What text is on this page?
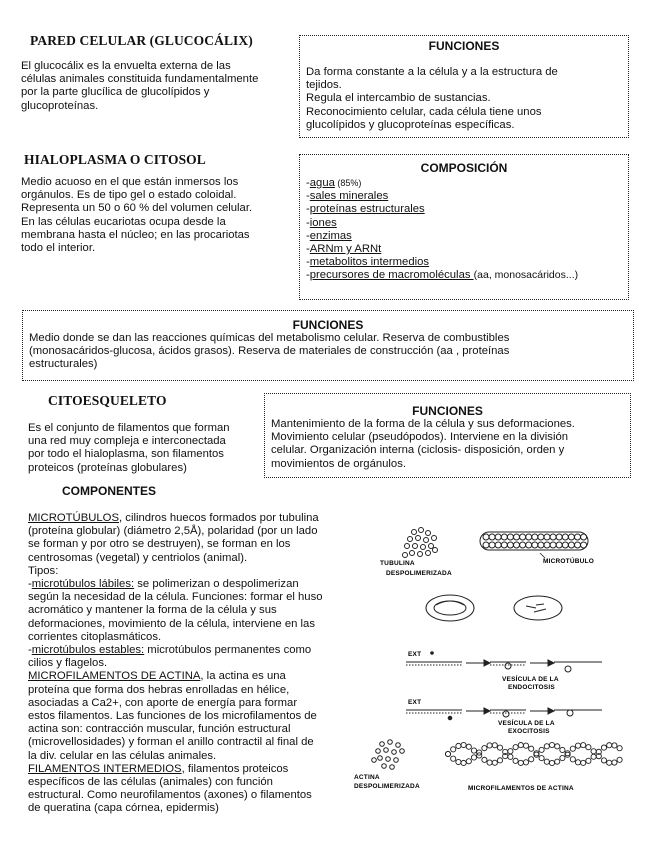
PARED CELULAR (GLUCOCÁLIX)
El glucocálix es la envuelta externa de las
células animales constituida fundamentalmente
por la parte glucílica de glucolípidos y
glucoproteínas.
FUNCIONES
Da forma constante a la célula y a la estructura de
tejidos.
Regula el intercambio de sustancias.
Reconocimiento celular, cada célula tiene unos
glucolípidos y glucoproteínas específicas.
HIALOPLASMA O CITOSOL
Medio acuoso en el que están inmersos los
orgánulos. Es de tipo gel o estado coloidal.
Representa un 50 o 60 % del volumen celular.
En las células eucariotas ocupa desde la
membrana hasta el núcleo; en las procariotas
todo el interior.
COMPOSICIÓN
-agua (85%)
-sales minerales
-proteínas estructurales
-iones
-enzimas
-ARNm y ARNt
-metabolitos intermedios
-precursores de macromoléculas (aa, monosacáridos...)
FUNCIONES
Medio donde se dan las reacciones químicas del metabolismo celular. Reserva de combustibles
(monosacáridos-glucosa, ácidos grasos). Reserva de materiales de construcción (aa , proteínas
estructurales)
CITOESQUELETO
Es el conjunto de filamentos que forman
una red muy compleja e interconectada
por todo el hialoplasma, son filamentos
proteicos (proteínas globulares)
FUNCIONES
Mantenimiento de la forma de la célula y sus deformaciones.
Movimiento celular (pseudópodos). Interviene en la división
celular. Organización interna (ciclosis- disposición, orden y
movimientos de orgánulos.
COMPONENTES
MICROTÚBULOS, cilindros huecos formados por tubulina
(proteína globular) (diámetro 2,5Å), polaridad (por un lado
se forman y por otro se destruyen), se forman en los
centrosomas (vegetal) y centriolos (animal).
Tipos:
-microtúbulos lábiles: se polimerizan o despolimerizan
según la necesidad de la célula. Funciones: formar el huso
acromático y mantener la forma de la célula y sus
deformaciones, movimiento de la célula, interviene en las
corrientes citoplasmáticos.
-microtúbulos estables: microtúbulos permanentes como
cilios y flagelos.
MICROFILAMENTOS DE ACTINA, la actina es una
proteína que forma dos hebras enrolladas en hélice,
asociadas a Ca2+, con aporte de energía para formar
estos filamentos. Las funciones de los microfilamentos de
actina son: contracción muscular, función estructural
(microvellosidades) y forman el anillo contractil al final de
la div. celular en las células animales.
FILAMENTOS INTERMEDIOS, filamentos proteicos
específicos de las células (animales) con función
estructural. Como neurofilamentos (axones) o filamentos
de queratina (capa córnea, epidermis)
TUBULINA
DESPOLIMERIZADA
MICROTÚBULO
EXT
VESÍCULA DE LA
ENDOCITOSIS
EXT
VESÍCULA DE LA
EXOCITOSIS
ACTINA
DESPOLIMERIZADA	MICROFILAMENTOS DE ACTINA
